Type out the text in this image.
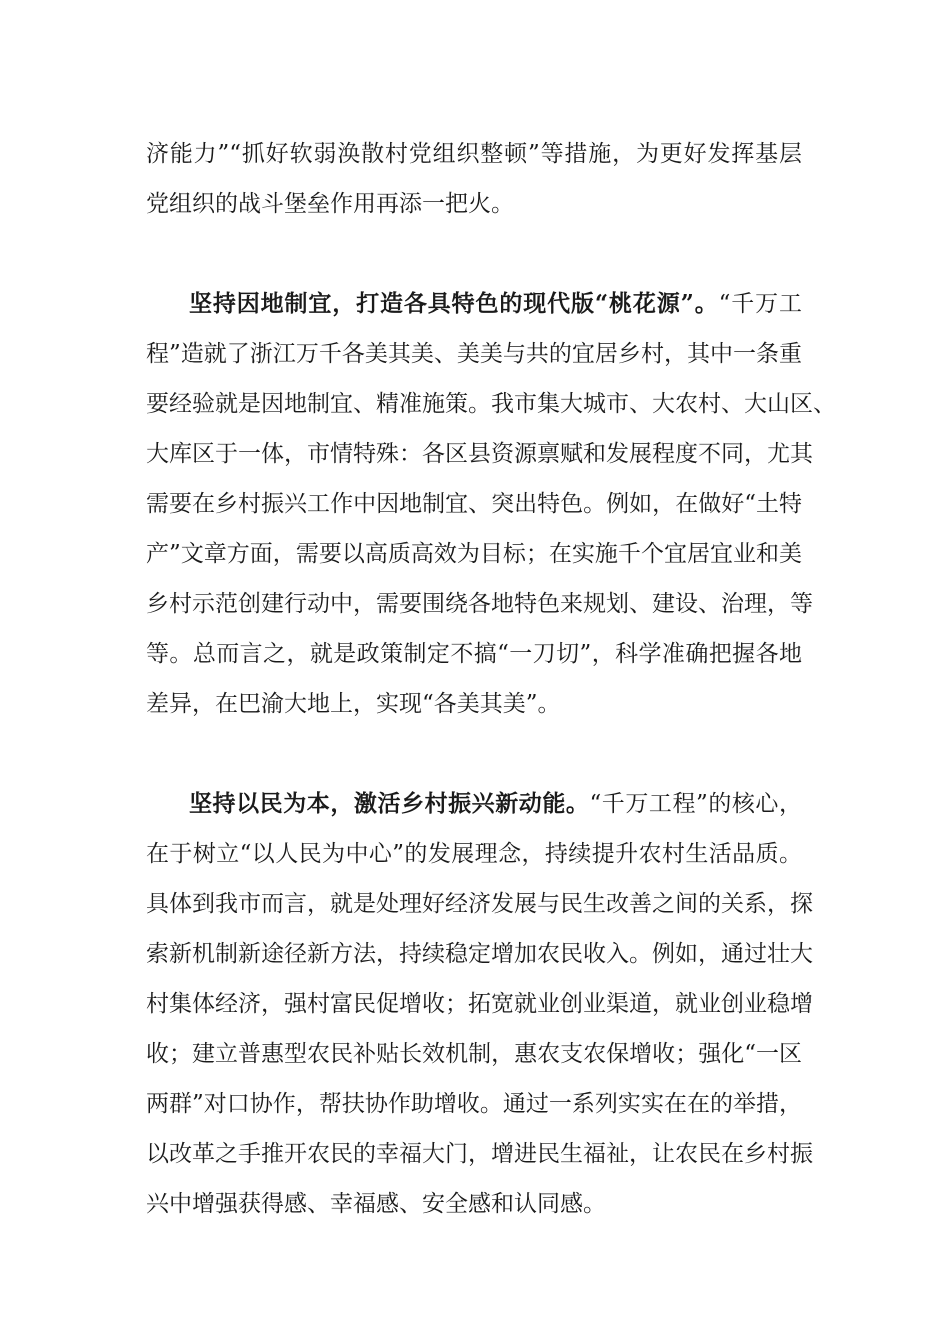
济能力”“抓好软弱涣散村党组织整顿”等措施，为更好发挥基层
党组织的战斗堡垒作用再添一把火。
坚持因地制宜，打造各具特色的现代版“桃花源”。“千万工
程”造就了浙江万千各美其美、美美与共的宜居乡村，其中一条重
要经验就是因地制宜、精准施策。我市集大城市、大农村、大山区、
大库区于一体，市情特殊：各区县资源禀赋和发展程度不同，尤其
需要在乡村振兴工作中因地制宜、突出特色。例如，在做好“土特
产”文章方面，需要以高质高效为目标；在实施千个宜居宜业和美
乡村示范创建行动中，需要围绕各地特色来规划、建设、治理，等
等。总而言之，就是政策制定不搞“一刀切”，科学准确把握各地
差异，在巴渝大地上，实现“各美其美”。
坚持以民为本，激活乡村振兴新动能。“千万工程”的核心，
在于树立“以人民为中心”的发展理念，持续提升农村生活品质。
具体到我市而言，就是处理好经济发展与民生改善之间的关系，探
索新机制新途径新方法，持续稳定增加农民收入。例如，通过壮大
村集体经济，强村富民促增收；拓宽就业创业渠道，就业创业稳增
收；建立普惠型农民补贴长效机制，惠农支农保增收；强化“一区
两群”对口协作，帮扶协作助增收。通过一系列实实在在的举措，
以改革之手推开农民的幸福大门，增进民生福祉，让农民在乡村振
兴中增强获得感、幸福感、安全感和认同感。
